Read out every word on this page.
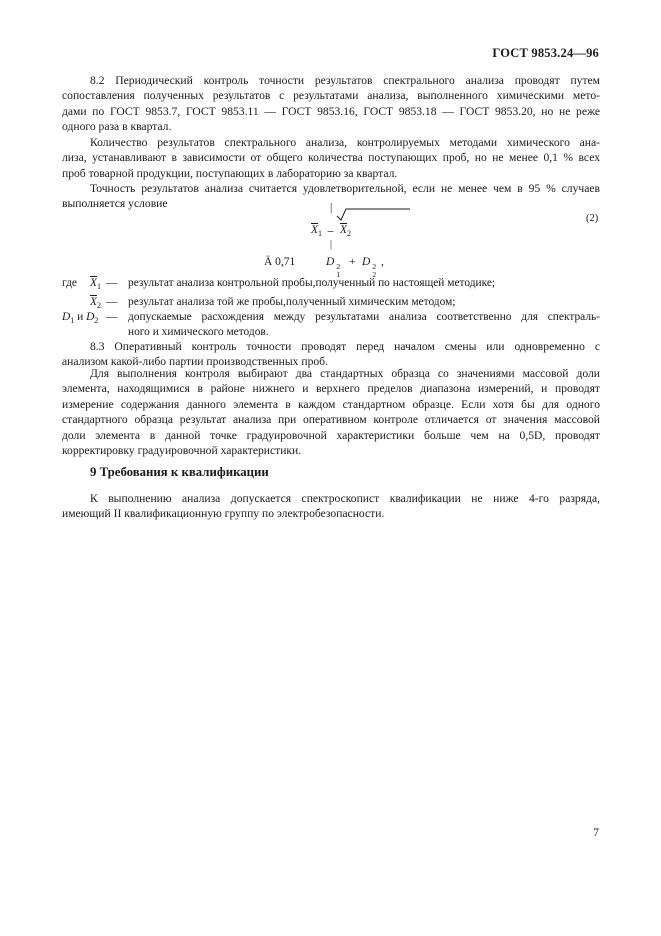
ГОСТ 9853.24—96
8.2 Периодический контроль точности результатов спектрального анализа проводят путем
сопоставления полученных результатов с результатами анализа, выполненного химическими мето-
дами по ГОСТ 9853.7, ГОСТ 9853.11 — ГОСТ 9853.16, ГОСТ 9853.18 — ГОСТ 9853.20, но не реже
одного раза в квартал.
Количество результатов спектрального анализа, контролируемых методами химического ана-
лиза, устанавливают в зависимости от общего количества поступающих проб, но не менее 0,1 % всех
проб товарной продукции, поступающих в лабораторию за квартал.
Точность результатов анализа считается удовлетворительной, если не менее чем в 95 % случаев
выполняется условие	|
$X_1 - X_2$
|
(2)
Ä 0,71	D 2
1
+ D 2
2
,
где $X_1$ — результат анализа контрольной пробы,полученный по настоящей методике;
$X_2$ — результат анализа той же пробы,полученный химическим методом;
$D_1$ и $D_2$ — допускаемые расхождения между результатами анализа соответственно для спектраль-
ного и химического методов.
8.3 Оперативный контроль точности проводят перед началом смены или одновременно с
анализом какой-либо партии производственных проб.
Для выполнения контроля выбирают два стандартных образца со значениями массовой доли
элемента, находящимися в районе нижнего и верхнего пределов диапазона измерений, и проводят
измерение содержания данного элемента в каждом стандартном образце. Если хотя бы для одного
стандартного образца результат анализа при оперативном контроле отличается от значения массовой
доли элемента в данной точке градуировочной характеристики больше чем на 0,5D, проводят
корректировку градуировочной характеристики.
9 Требования к квалификации
К выполнению анализа допускается спектроскопист квалификации не ниже 4-го разряда,
имеющий II квалификационную группу по электробезопасности.
7
